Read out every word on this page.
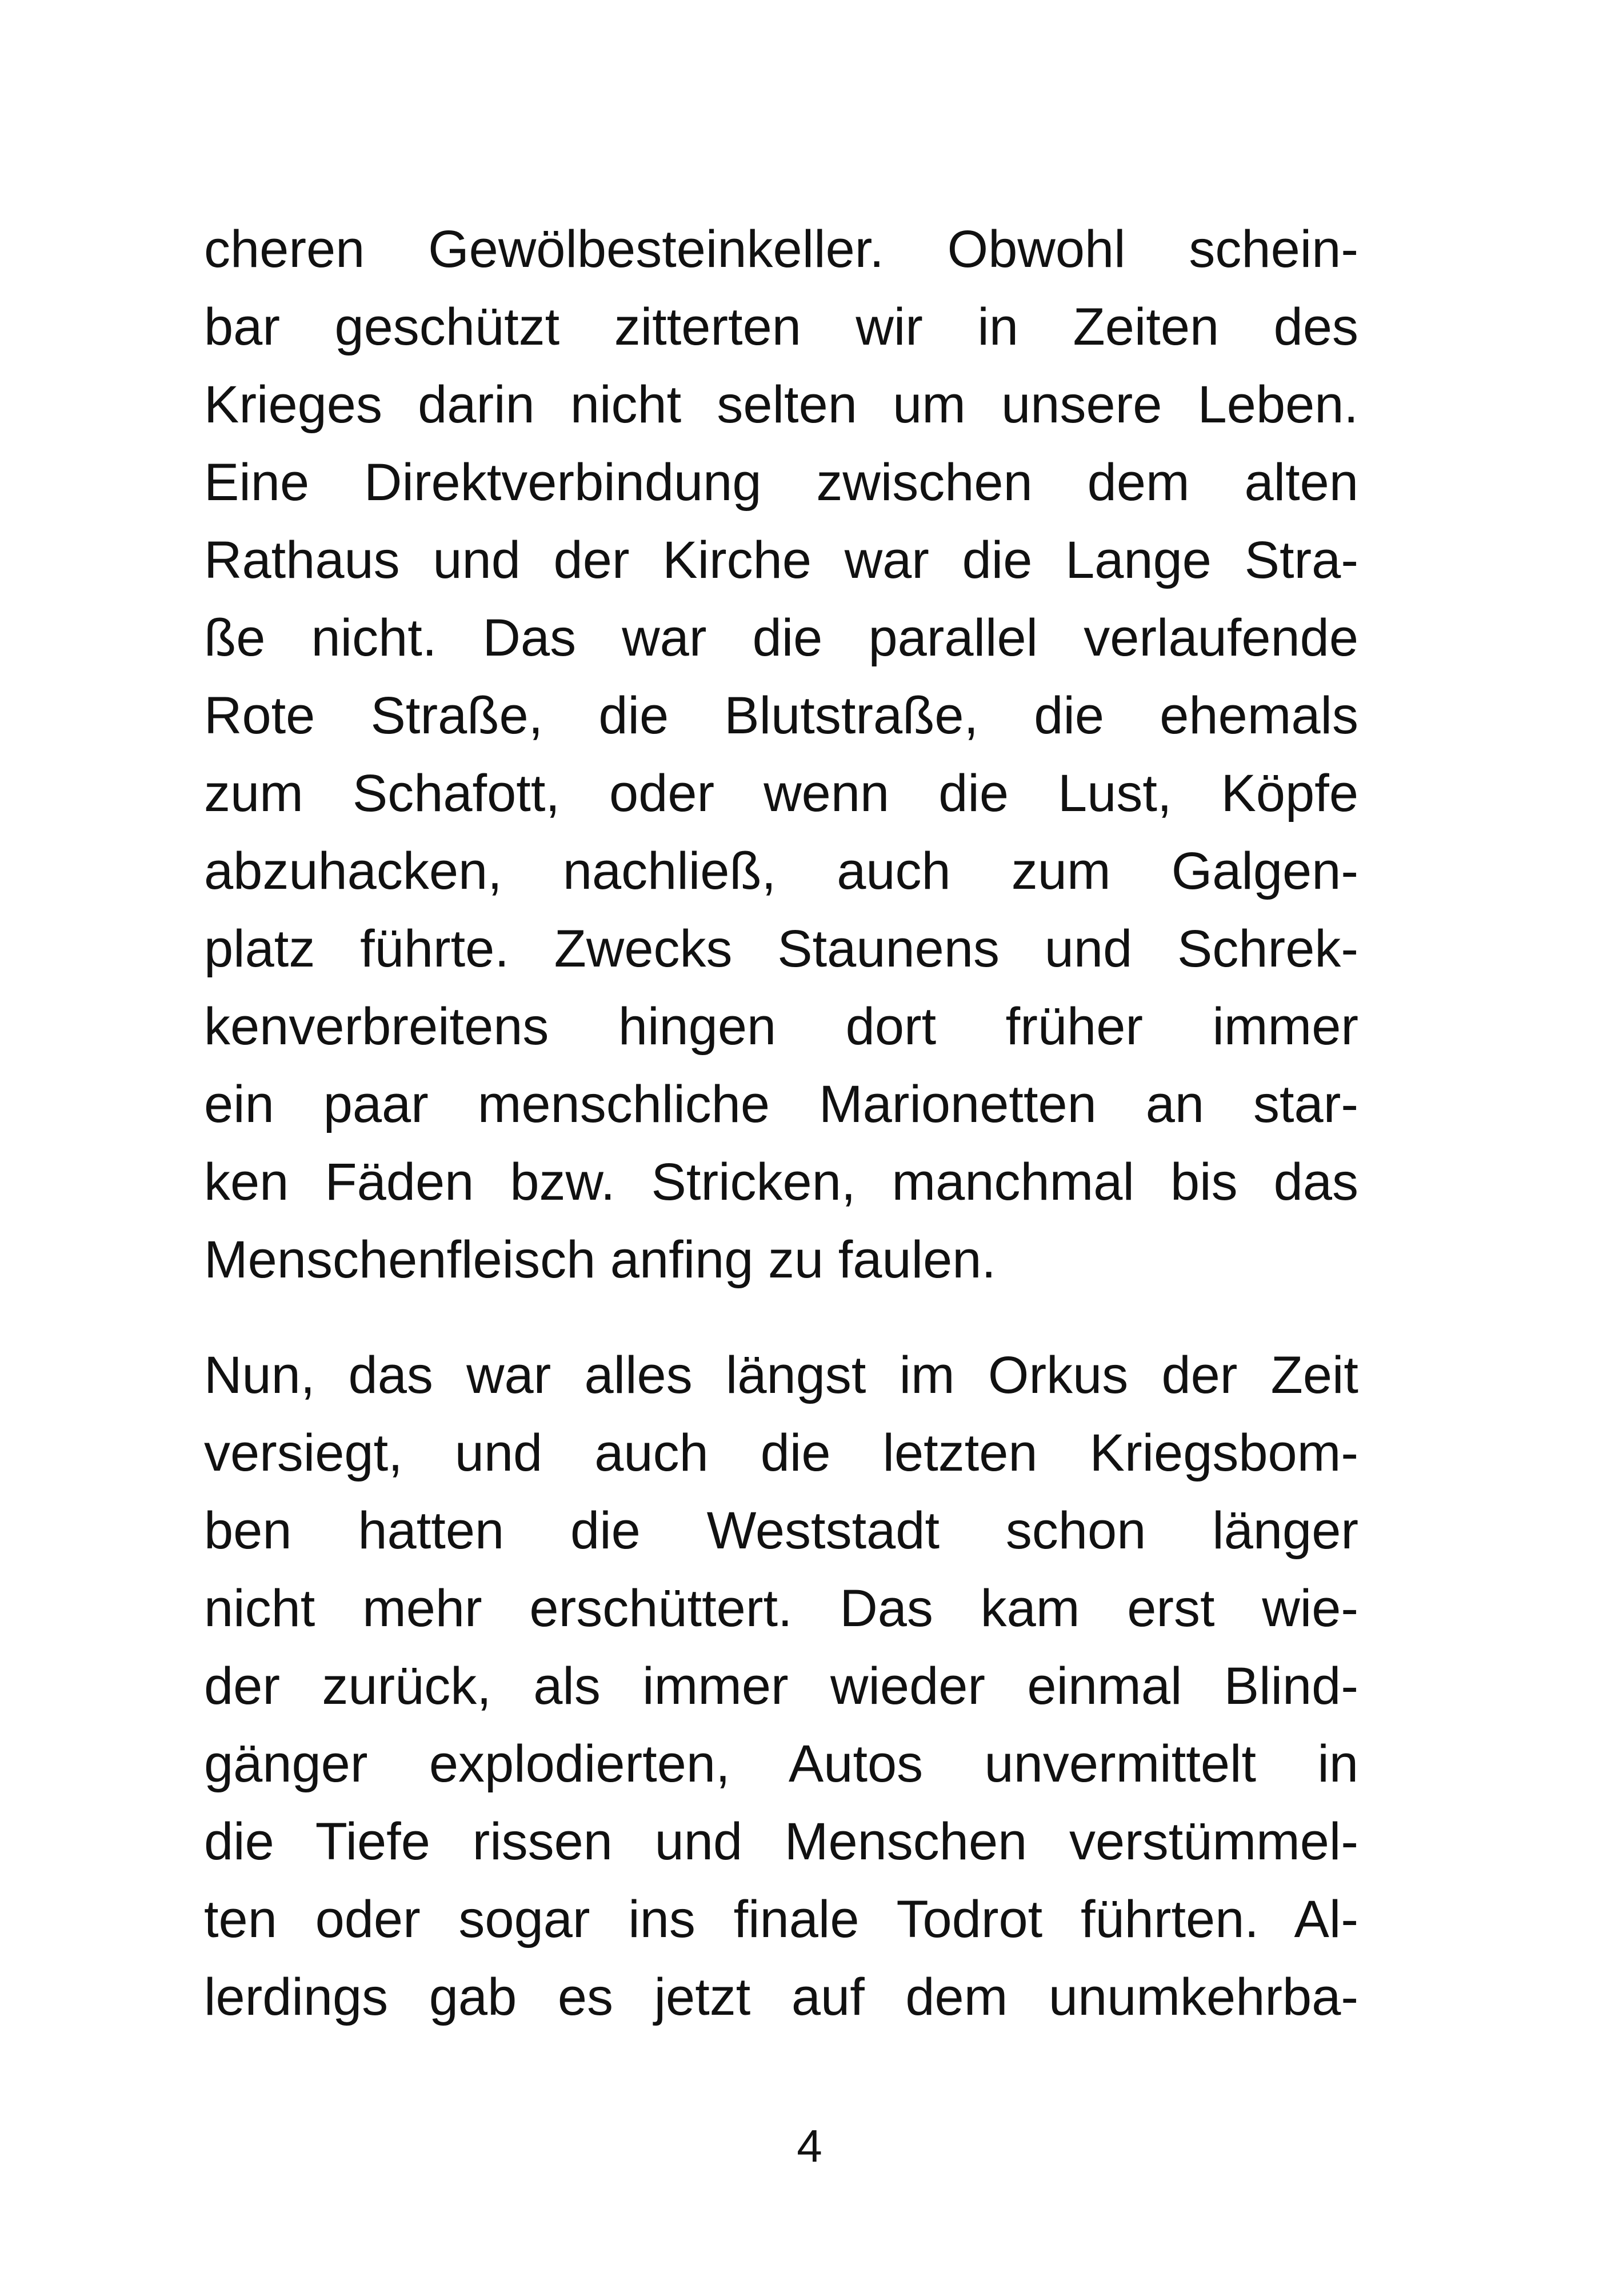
cheren Gewölbesteinkeller. Obwohl schein-
bar geschützt zitterten wir in Zeiten des
Krieges darin nicht selten um unsere Leben.
Eine Direktverbindung zwischen dem alten
Rathaus und der Kirche war die Lange Stra-
ße nicht. Das war die parallel verlaufende
Rote Straße, die Blutstraße, die ehemals
zum Schafott, oder wenn die Lust, Köpfe
abzuhacken, nachließ, auch zum Galgen-
platz führte. Zwecks Staunens und Schrek-
kenverbreitens hingen dort früher immer
ein paar menschliche Marionetten an star-
ken Fäden bzw. Stricken, manchmal bis das
Menschenfleisch anfing zu faulen.
Nun, das war alles längst im Orkus der Zeit
versiegt, und auch die letzten Kriegsbom-
ben hatten die Weststadt schon länger
nicht mehr erschüttert. Das kam erst wie-
der zurück, als immer wieder einmal Blind-
gänger explodierten, Autos unvermittelt in
die Tiefe rissen und Menschen verstümmel-
ten oder sogar ins finale Todrot führten. Al-
lerdings gab es jetzt auf dem unumkehrba-
4
